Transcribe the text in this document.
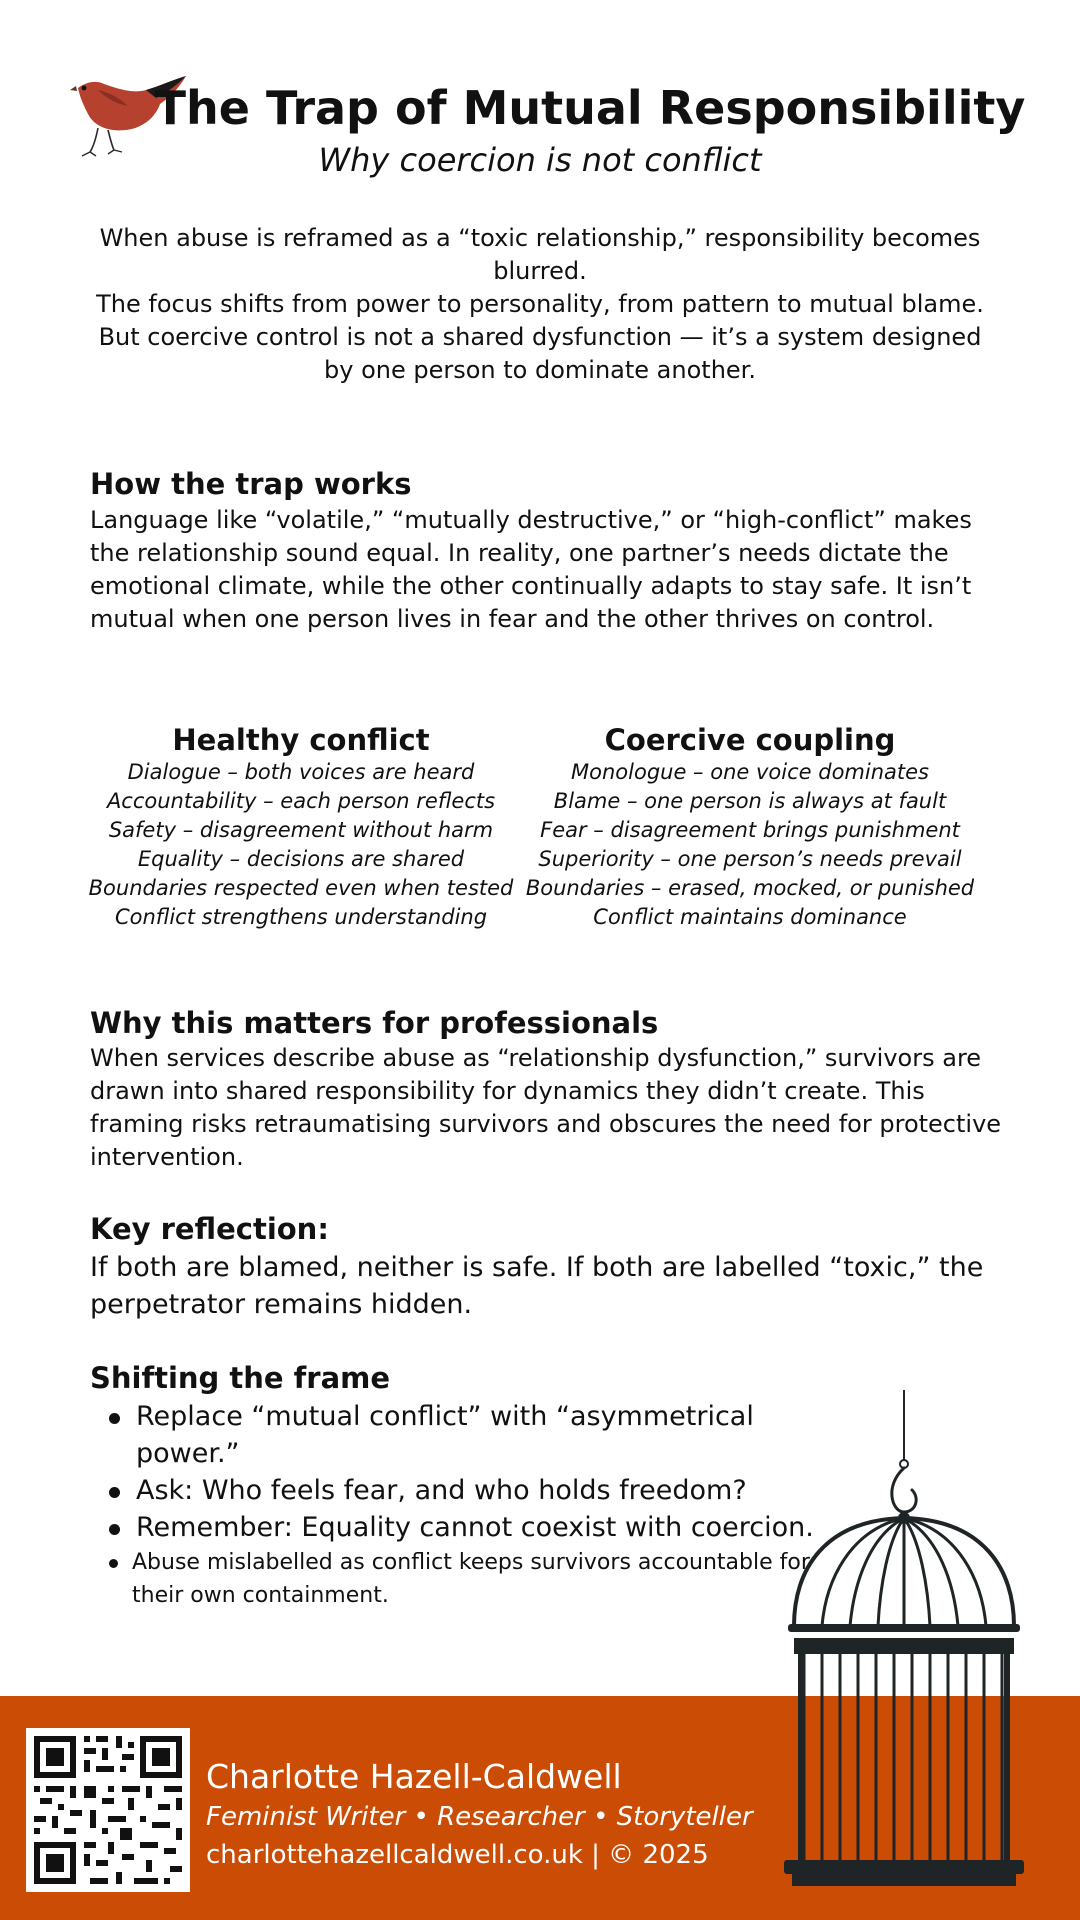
The Trap of Mutual Responsibility
Why coercion is not conflict

When abuse is reframed as a “toxic relationship,” responsibility becomes blurred.

The focus shifts from power to personality, from pattern to mutual blame.

But coercive control is not a shared dysfunction — it’s a system designed by one person to dominate another.

How the trap works
Language like “volatile,” “mutually destructive,” or “high-conflict” makes the relationship sound equal. In reality, one partner’s needs dictate the emotional climate, while the other continually adapts to stay safe. It isn’t mutual when one person lives in fear and the other thrives on control.
Healthy conflict
Dialogue – both voices are heard
Accountability – each person reflects
Safety – disagreement without harm
Equality – decisions are shared
Boundaries respected even when tested
Conflict strengthens understanding
Coercive coupling
Monologue – one voice dominates
Blame – one person is always at fault
Fear – disagreement brings punishment
Superiority – one person’s needs prevail
Boundaries – erased, mocked, or punished
Conflict maintains dominance
Why this matters for professionals
When services describe abuse as “relationship dysfunction,” survivors are drawn into shared responsibility for dynamics they didn’t create. This framing risks retraumatising survivors and obscures the need for protective intervention.
Key reflection:
If both are blamed, neither is safe. If both are labelled “toxic,” the perpetrator remains hidden.
Shifting the frame
Replace “mutual conflict” with “asymmetrical power.”
Ask: Who feels fear, and who holds freedom?
Remember: Equality cannot coexist with coercion.
Abuse mislabelled as conflict keeps survivors accountable for their own containment.
Charlotte Hazell-Caldwell
Feminist Writer • Researcher • Storyteller
charlottehazellcaldwell.co.uk | © 2025
